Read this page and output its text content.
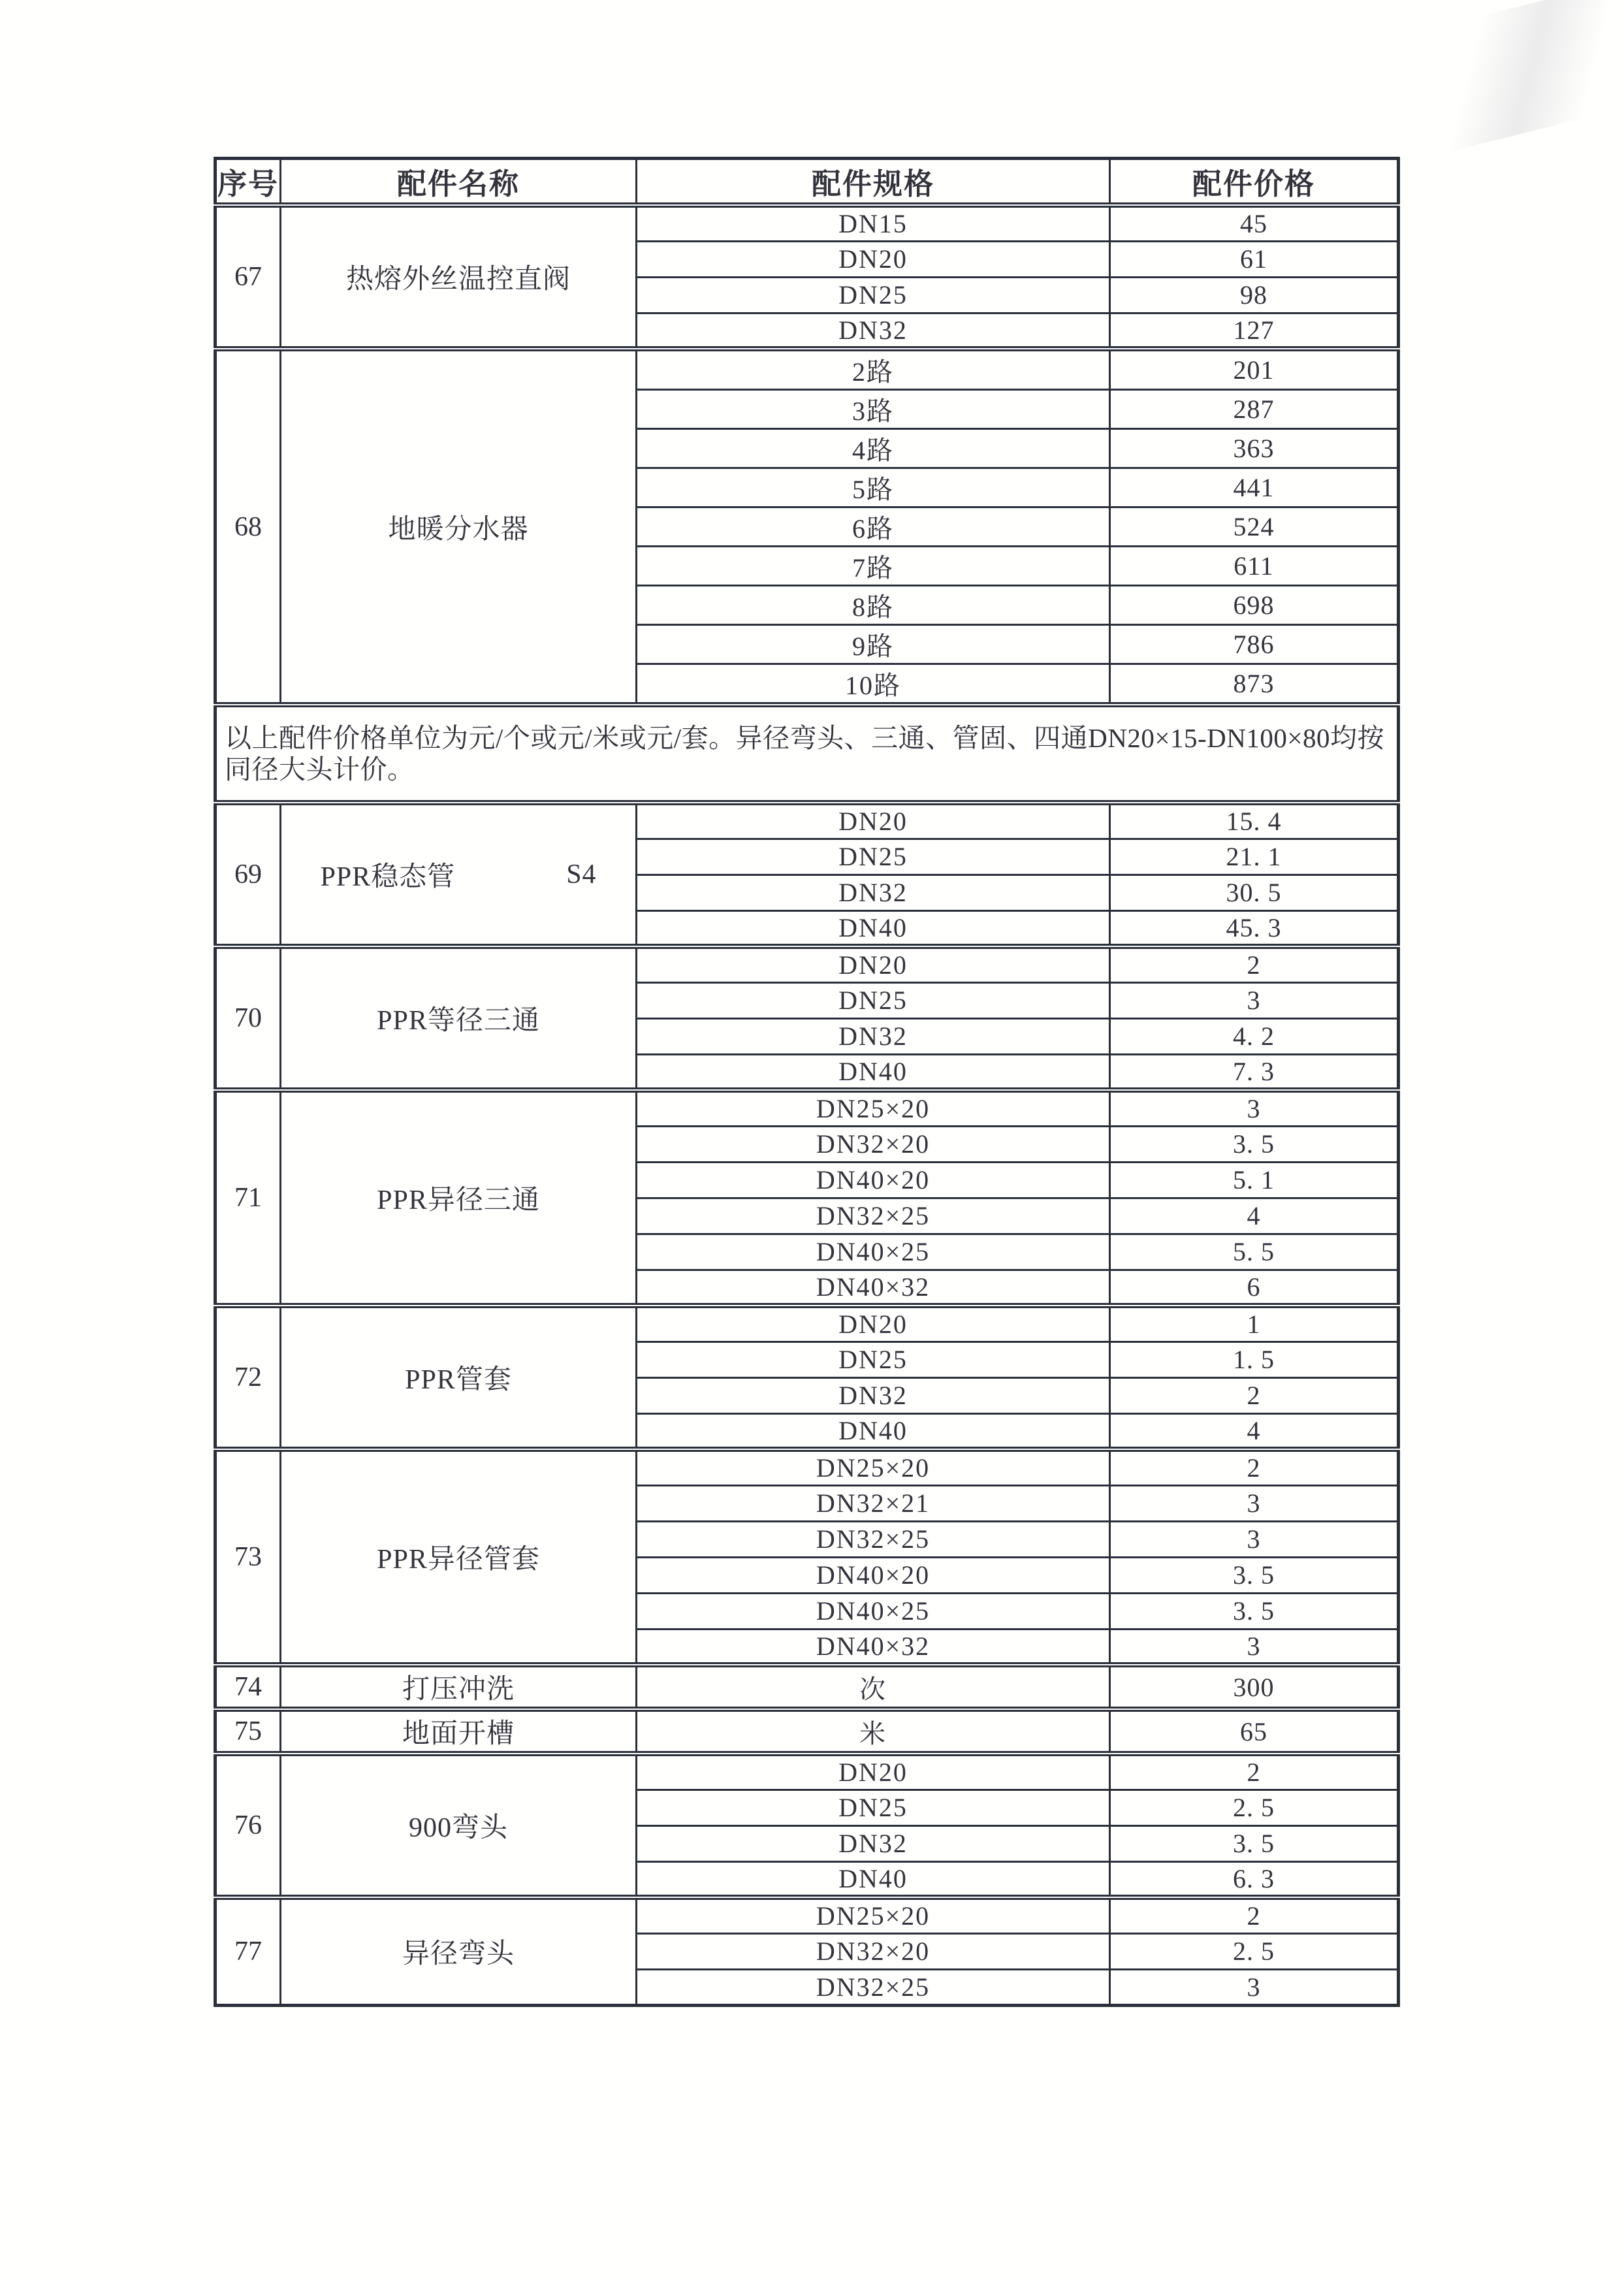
序号	配件名称	配件规格	配件价格
67	热熔外丝温控直阀	DN15	45
		DN20	61
		DN25	98
		DN32	127
68	地暖分水器	2路	201
		3路	287
		4路	363
		5路	441
		6路	524
		7路	611
		8路	698
		9路	786
		10路	873
以上配件价格单位为元/个或元/米或元/套。异径弯头、三通、管固、四通DN20×15-DN100×80均按同径大头计价。			
69	PPR稳态管 S4	DN20	15. 4
		DN25	21. 1
		DN32	30. 5
		DN40	45. 3
70	PPR等径三通	DN20	2
		DN25	3
		DN32	4. 2
		DN40	7. 3
71	PPR异径三通	DN25×20	3
		DN32×20	3. 5
		DN40×20	5. 1
		DN32×25	4
		DN40×25	5. 5
		DN40×32	6
72	PPR管套	DN20	1
		DN25	1. 5
		DN32	2
		DN40	4
73	PPR异径管套	DN25×20	2
		DN32×21	3
		DN32×25	3
		DN40×20	3. 5
		DN40×25	3. 5
		DN40×32	3
74	打压冲洗	次	300
75	地面开槽	米	65
76	900弯头	DN20	2
		DN25	2. 5
		DN32	3. 5
		DN40	6. 3
77	异径弯头	DN25×20	2
		DN32×20	2. 5
		DN32×25	3
